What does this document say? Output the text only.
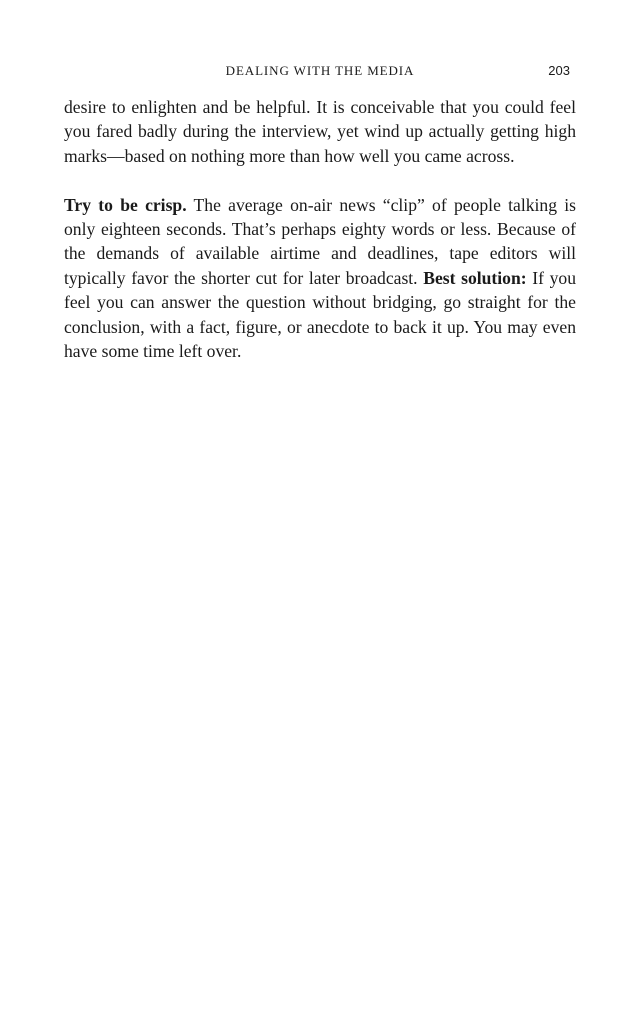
DEALING WITH THE MEDIA	203

desire to enlighten and be helpful. It is conceivable that you could feel you fared badly during the interview, yet wind up actually getting high marks—based on nothing more than how well you came across.

Try to be crisp. The average on-air news “clip” of people talking is only eighteen seconds. That’s perhaps eighty words or less. Because of the demands of available airtime and deadlines, tape editors will typically favor the shorter cut for later broadcast. Best solution: If you feel you can answer the question without bridging, go straight for the conclusion, with a fact, figure, or anecdote to back it up. You may even have some time left over.
